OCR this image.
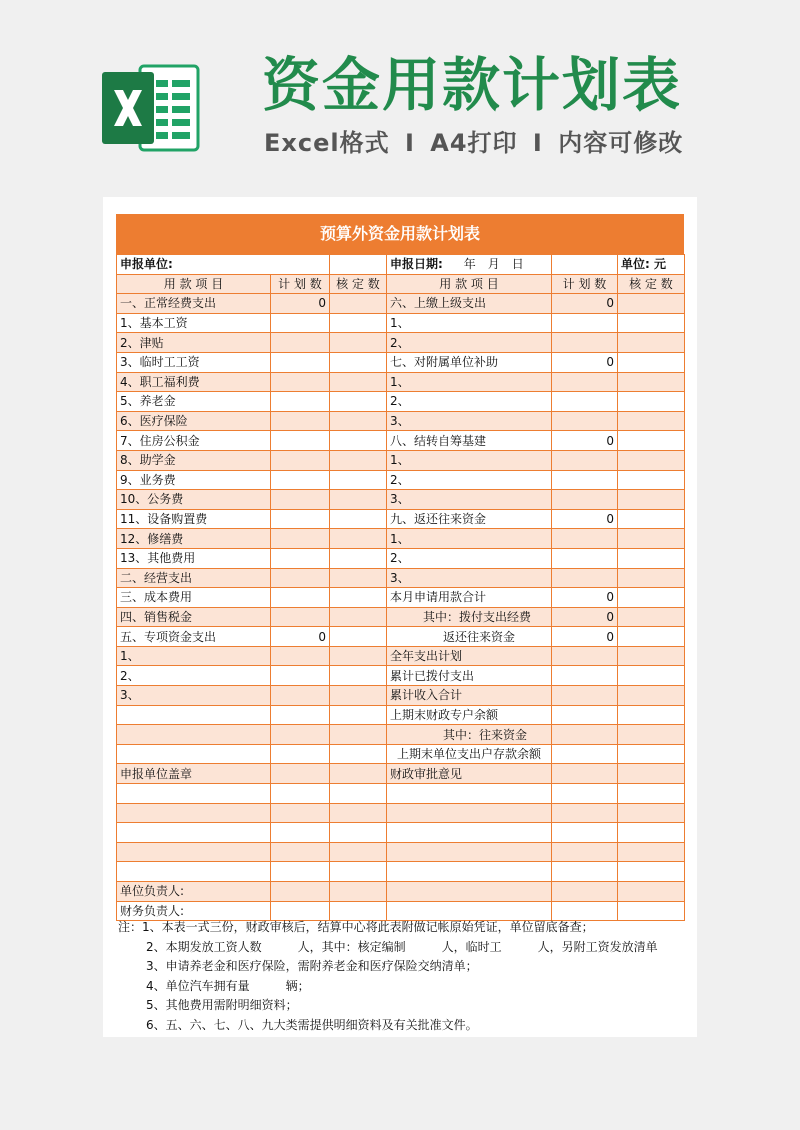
资金用款计划表
Excel格式 I A4打印 I 内容可修改
预算外资金用款计划表
申报单位:			申报日期: 年　月　日		单位: 元
用 款 项 目	计 划 数	核 定 数	用 款 项 目	计 划 数	核 定 数
一、正常经费支出	0		六、上缴上级支出	0	
1、基本工资			1、		
2、津贴			2、		
3、临时工工资			七、对附属单位补助	0	
4、职工福利费			1、		
5、养老金			2、		
6、医疗保险			3、		
7、住房公积金			八、结转自筹基建	0	
8、助学金			1、		
9、业务费			2、		
10、公务费			3、		
11、设备购置费			九、返还往来资金	0	
12、修缮费			1、		
13、其他费用			2、		
二、经营支出			3、		
三、成本费用			本月申请用款合计	0	
四、销售税金			其中：拨付支出经费	0	
五、专项资金支出	0		返还往来资金	0	
1、			全年支出计划		
2、			累计已拨付支出		
3、			累计收入合计		
			上期末财政专户余额		
			其中：往来资金		
			上期末单位支出户存款余额		
申报单位盖章			财政审批意见		

单位负责人:					
财务负责人:					
注：1、本表一式三份，财政审核后，结算中心将此表附做记帐原始凭证，单位留底备查；
2、本期发放工资人数　　　人，其中：核定编制　　　人，临时工　　　人，另附工资发放清单
3、申请养老金和医疗保险，需附养老金和医疗保险交纳清单；
4、单位汽车拥有量　　　辆；
5、其他费用需附明细资料；
6、五、六、七、八、九大类需提供明细资料及有关批准文件。
